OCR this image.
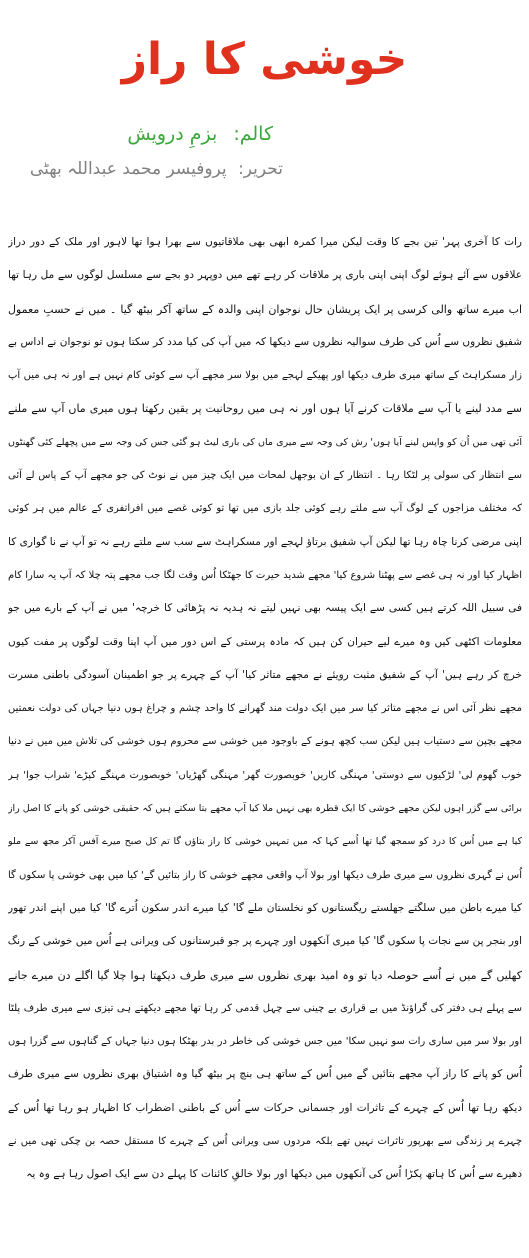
خوشی کا راز
کالم: بزمِ درویش
تحریر: پروفیسر محمد عبداللہ بھٹی
رات کا آخری پہر' تین بجے کا وقت لیکن میرا کمرہ ابھی بھی ملاقاتیوں سے بھرا ہوا تھا لاہور اور ملک کے دور دراز
علاقوں سے آئے ہوئے لوگ اپنی اپنی باری پر ملاقات کر رہے تھے میں دوپہر دو بجے سے مسلسل لوگوں سے مل رہا تھا
اب میرے ساتھ والی کرسی پر ایک پریشان حال نوجوان اپنی والدہ کے ساتھ آکر بیٹھ گیا ۔ میں نے حسبِ معمول
شفیق نظروں سے اُس کی طرف سوالیہ نظروں سے دیکھا کہ میں آپ کی کیا مدد کر سکتا ہوں تو نوجوان نے اداس بے
زار مسکراہٹ کے ساتھ میری طرف دیکھا اور پھیکے لہجے میں بولا سر مجھے آپ سے کوئی کام نہیں ہے اور نہ ہی میں آپ
سے مدد لینے یا آپ سے ملاقات کرنے آیا ہوں اور نہ ہی میں روحانیت پر یقین رکھتا ہوں میری ماں آپ سے ملنے
آئی تھی میں اُن کو واپس لینے آیا ہوں' رش کی وجہ سے میری ماں کی باری لیٹ ہو گئی جس کی وجہ سے میں پچھلے کئی گھنٹوں
سے انتظار کی سولی پر لٹکا رہا ۔ انتظار کے ان بوجھل لمحات میں ایک چیز میں نے نوٹ کی جو مجھے آپ کے پاس لے آئی
کہ مختلف مزاجوں کے لوگ آپ سے ملتے رہے کوئی جلد بازی میں تھا تو کوئی غصے میں افراتفری کے عالم میں ہر کوئی
اپنی مرضی کرنا چاہ رہا تھا لیکن آپ شفیق برتاؤ لہجے اور مسکراہٹ سے سب سے ملتے رہے نہ تو آپ نے نا گواری کا
اظہار کیا اور نہ ہی غصے سے پھٹنا شروع کیا' مجھے شدید حیرت کا جھٹکا اُس وقت لگا جب مجھے پتہ چلا کہ آپ یہ سارا کام
فی سبیل اللہ کرتے ہیں کسی سے ایک پیسہ بھی نہیں لیتے نہ ہدیہ نہ پڑھائی کا خرچہ' میں نے آپ کے بارے میں جو
معلومات اکٹھی کیں وہ میرے لیے حیران کن ہیں کہ مادہ پرستی کے اس دور میں آپ اپنا وقت لوگوں پر مفت کیوں
خرچ کر رہے ہیں' آپ کے شفیق مثبت رویئے نے مجھے متاثر کیا' آپ کے چہرے پر جو اطمینان آسودگی باطنی مسرت
مجھے نظر آئی اس نے مجھے متاثر کیا سر میں ایک دولت مند گھرانے کا واحد چشم و چراغ ہوں دنیا جہاں کی دولت نعمتیں
مجھے بچپن سے دستیاب ہیں لیکن سب کچھ ہونے کے باوجود میں خوشی سے محروم ہوں خوشی کی تلاش میں میں نے دنیا
خوب گھوم لی' لڑکیوں سے دوستی' مہنگی کاریں' خوبصورت گھر' مہنگی گھڑیاں' خوبصورت مہنگے کپڑے' شراب جوا' ہر
برائی سے گزر اہوں لیکن مجھے خوشی کا ایک قطرہ بھی نہیں ملا کیا آپ مجھے بتا سکتے ہیں کہ حقیقی خوشی کو پانے کا اصل راز
کیا ہے میں اُس کا درد کو سمجھ گیا تھا اُسے کہا کہ میں تمہیں خوشی کا راز بتاؤں گا تم کل صبح میرے آفس آکر مجھ سے ملو
اُس نے گہری نظروں سے میری طرف دیکھا اور بولا آپ واقعی مجھے خوشی کا راز بتائیں گے' کیا میں بھی خوشی پا سکوں گا
کیا میرے باطن میں سلگتے جھلستے ریگستانوں کو نخلستان ملے گا' کیا میرے اندر سکون اُترے گا' کیا میں اپنے اندر تھور
اور بنجر پن سے نجات پا سکوں گا' کیا میری آنکھوں اور چہرے پر جو قبرستانوں کی ویرانی ہے اُس میں خوشی کے رنگ
کھلیں گے میں نے اُسے حوصلہ دیا تو وہ امید بھری نظروں سے میری طرف دیکھتا ہوا چلا گیا اگلے دن میرے جانے
سے پہلے ہی دفتر کی گراؤنڈ میں بے قراری بے چینی سے چہل قدمی کر رہا تھا مجھے دیکھتے ہی تیزی سے میری طرف پلٹا
اور بولا سر میں ساری رات سو نہیں سکا' میں جس خوشی کی خاطر در بدر بھٹکا ہوں دنیا جہاں کے گناہوں سے گزرا ہوں
اُس کو پانے کا راز آپ مجھے بتائیں گے میں اُس کے ساتھ ہی بنچ پر بیٹھ گیا وہ اشتیاق بھری نظروں سے میری طرف
دیکھ رہا تھا اُس کے چہرے کے تاثرات اور جسمانی حرکات سے اُس کے باطنی اضطراب کا اظہار ہو رہا تھا اُس کے
چہرے پر زندگی سے بھرپور تاثرات نہیں تھے بلکہ مردوں سی ویرانی اُس کے چہرے کا مستقل حصہ بن چکی تھی میں نے
دھیرے سے اُس کا ہاتھ پکڑا اُس کی آنکھوں میں دیکھا اور بولا خالقِ کائنات کا پہلے دن سے ایک اصول رہا ہے وہ یہ
